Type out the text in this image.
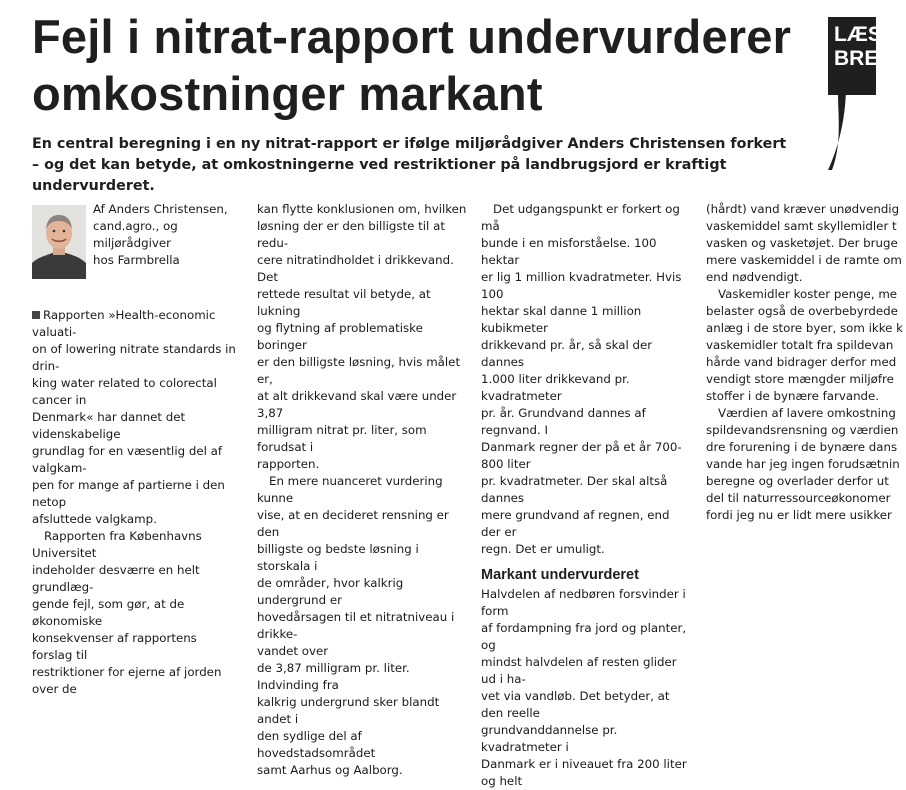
Fejl i nitrat-rapport undervurderer
omkostninger markant
LÆS
BRE

En central beregning i en ny nitrat-rapport er ifølge miljørådgiver Anders Christensen forkert
– og det kan betyde, at omkostningerne ved restriktioner på landbrugsjord er kraftigt undervurderet.

Af Anders Christensen,
cand.agro., og miljørådgiver
hos Farmbrella

Rapporten »Health-economic valuati-

on of lowering nitrate standards in drin-

king water related to colorectal cancer in

Denmark« har dannet det videnskabelige

grundlag for en væsentlig del af valgkam-

pen for mange af partierne i den netop

afsluttede valgkamp.

Rapporten fra Københavns Universitet

indeholder desværre en helt grundlæg-

gende fejl, som gør, at de økonomiske

konsekvenser af rapportens forslag til

restriktioner for ejerne af jorden over de

kan flytte konklusionen om, hvilken

løsning der er den billigste til at redu-

cere nitratindholdet i drikkevand. Det

rettede resultat vil betyde, at lukning

og flytning af problematiske boringer

er den billigste løsning, hvis målet er,

at alt drikkevand skal være under 3,87

milligram nitrat pr. liter, som forudsat i

rapporten.

En mere nuanceret vurdering kunne

vise, at en decideret rensning er den

billigste og bedste løsning i storskala i

de områder, hvor kalkrig undergrund er

hovedårsagen til et nitratniveau i drikke-

vandet over

de 3,87 milligram pr. liter. Indvinding fra

kalkrig undergrund sker blandt andet i

den sydlige del af hovedstadsområdet

samt Aarhus og Aalborg.

Det udgangspunkt er forkert og må

bunde i en misforståelse. 100 hektar

er lig 1 million kvadratmeter. Hvis 100

hektar skal danne 1 million kubikmeter

drikkevand pr. år, så skal der dannes

1.000 liter drikkevand pr. kvadratmeter

pr. år. Grundvand dannes af regnvand. I

Danmark regner der på et år 700-800 liter

pr. kvadratmeter. Der skal altså dannes

mere grundvand af regnen, end der er

regn. Det er umuligt.

Markant undervurderet

Halvdelen af nedbøren forsvinder i form

af fordampning fra jord og planter, og

mindst halvdelen af resten glider ud i ha-

vet via vandløb. Det betyder, at den reelle

grundvanddannelse pr. kvadratmeter i

Danmark er i niveauet fra 200 liter og helt

(hårdt) vand kræver unødvendig

vaskemiddel samt skyllemidler t

vasken og vasketøjet. Der bruge

mere vaskemiddel i de ramte om

end nødvendigt.

Vaskemidler koster penge, me

belaster også de overbebyrdede

anlæg i de store byer, som ikke k

vaskemidler totalt fra spildevan

hårde vand bidrager derfor med

vendigt store mængder miljøfre

stoffer i de bynære farvande.

Værdien af lavere omkostning

spildevandsrensning og værdien

dre forurening i de bynære dans

vande har jeg ingen forudsætnin

beregne og overlader derfor ut

del til naturressourceøkonomer

fordi jeg nu er lidt mere usikker
